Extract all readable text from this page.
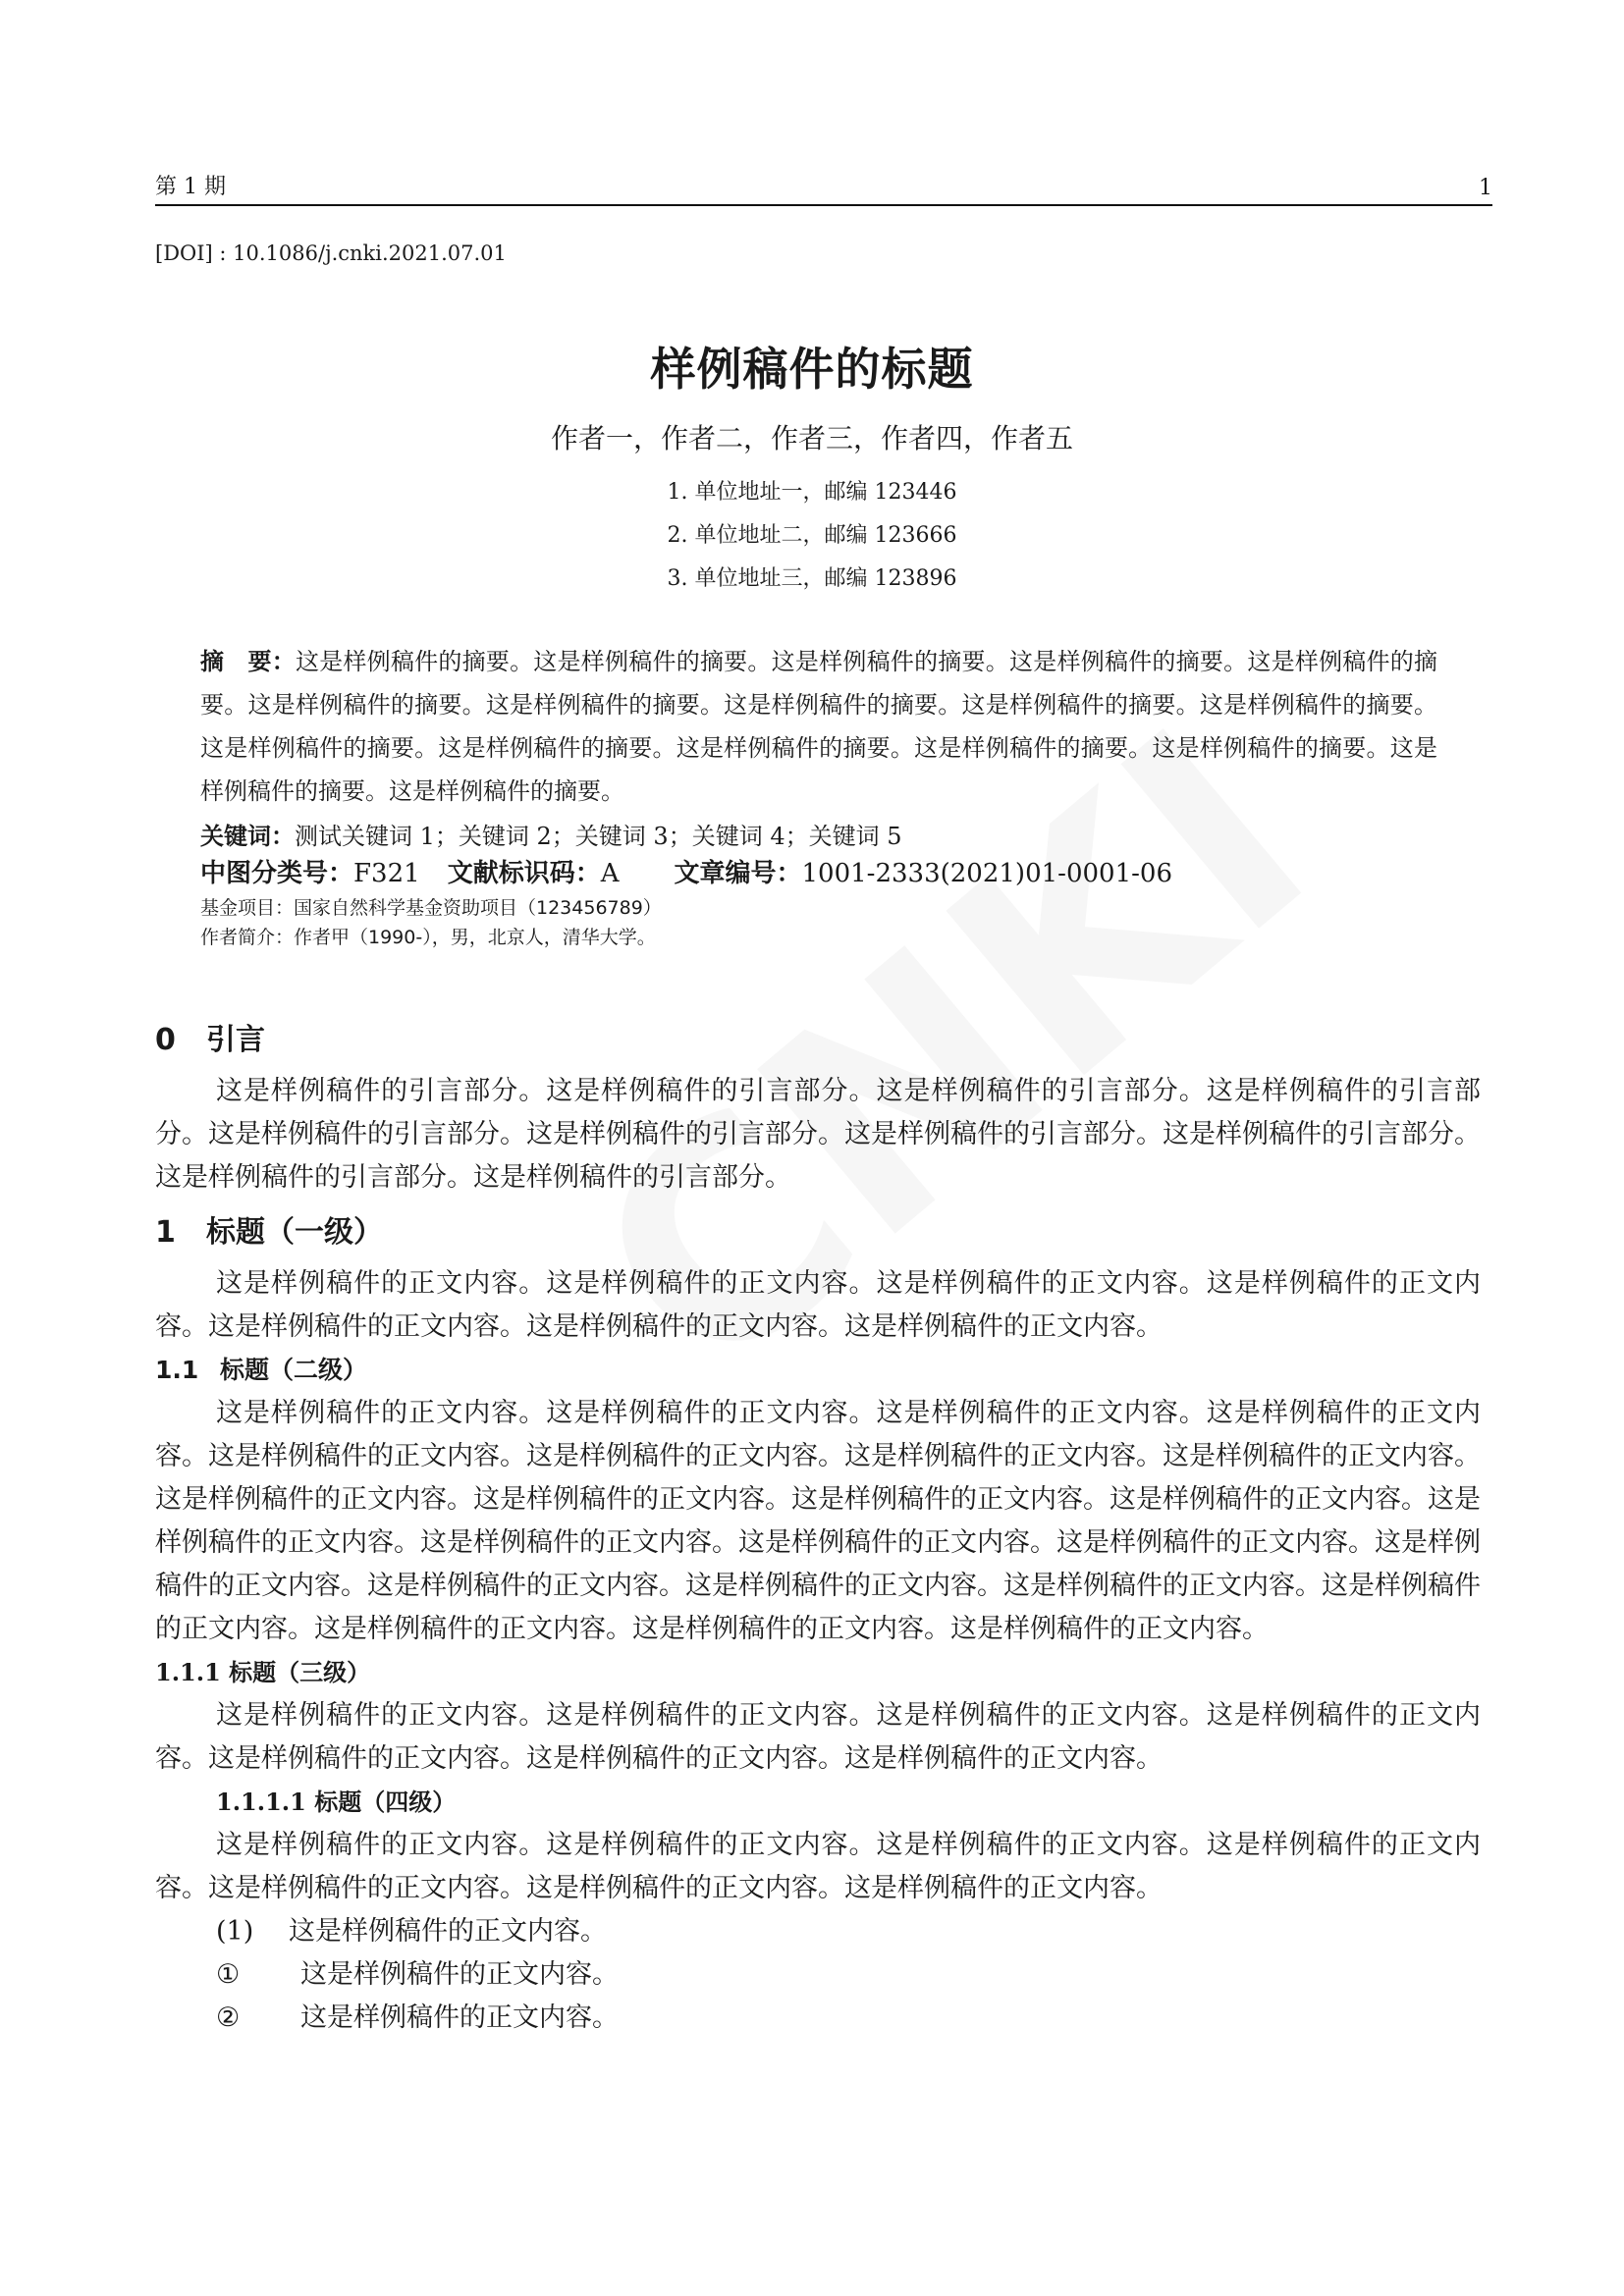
第 1 期	1
[DOI] : 10.1086/j.cnki.2021.07.01
样例稿件的标题
作者一，作者二，作者三，作者四，作者五
1. 单位地址一，邮编 123446
2. 单位地址二，邮编 123666
3. 单位地址三，邮编 123896

摘　要：这是样例稿件的摘要。这是样例稿件的摘要。这是样例稿件的摘要。这是样例稿件的摘要。这是样例稿件的摘要。这是样例稿件的摘要。这是样例稿件的摘要。这是样例稿件的摘要。这是样例稿件的摘要。这是样例稿件的摘要。这是样例稿件的摘要。这是样例稿件的摘要。这是样例稿件的摘要。这是样例稿件的摘要。这是样例稿件的摘要。这是样例稿件的摘要。这是样例稿件的摘要。

关键词：测试关键词 1；关键词 2；关键词 3；关键词 4；关键词 5
中图分类号：F321 文献标识码：A 文章编号：1001-2333(2021)01-0001-06
基金项目：国家自然科学基金资助项目（123456789）
作者简介：作者甲（1990-），男，北京人，清华大学。
0 引言

这是样例稿件的引言部分。这是样例稿件的引言部分。这是样例稿件的引言部分。这是样例稿件的引言部分。这是样例稿件的引言部分。这是样例稿件的引言部分。这是样例稿件的引言部分。这是样例稿件的引言部分。这是样例稿件的引言部分。这是样例稿件的引言部分。

1 标题（一级）

这是样例稿件的正文内容。这是样例稿件的正文内容。这是样例稿件的正文内容。这是样例稿件的正文内容。这是样例稿件的正文内容。这是样例稿件的正文内容。这是样例稿件的正文内容。

1.1 标题（二级）

这是样例稿件的正文内容。这是样例稿件的正文内容。这是样例稿件的正文内容。这是样例稿件的正文内容。这是样例稿件的正文内容。这是样例稿件的正文内容。这是样例稿件的正文内容。这是样例稿件的正文内容。这是样例稿件的正文内容。这是样例稿件的正文内容。这是样例稿件的正文内容。这是样例稿件的正文内容。这是样例稿件的正文内容。这是样例稿件的正文内容。这是样例稿件的正文内容。这是样例稿件的正文内容。这是样例稿件的正文内容。这是样例稿件的正文内容。这是样例稿件的正文内容。这是样例稿件的正文内容。这是样例稿件的正文内容。这是样例稿件的正文内容。这是样例稿件的正文内容。这是样例稿件的正文内容。

1.1.1 标题（三级）

这是样例稿件的正文内容。这是样例稿件的正文内容。这是样例稿件的正文内容。这是样例稿件的正文内容。这是样例稿件的正文内容。这是样例稿件的正文内容。这是样例稿件的正文内容。

1.1.1.1 标题（四级）

这是样例稿件的正文内容。这是样例稿件的正文内容。这是样例稿件的正文内容。这是样例稿件的正文内容。这是样例稿件的正文内容。这是样例稿件的正文内容。这是样例稿件的正文内容。

(1) 这是样例稿件的正文内容。

① 这是样例稿件的正文内容。

② 这是样例稿件的正文内容。
